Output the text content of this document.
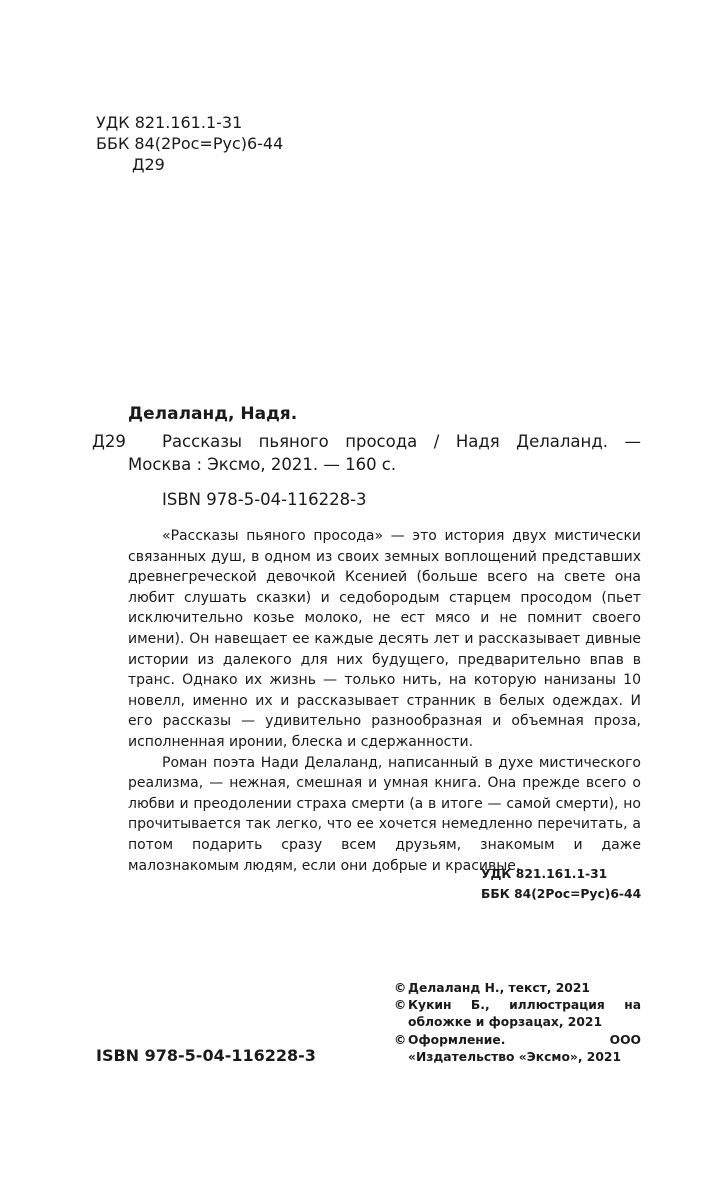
УДК 821.161.1-31
ББК 84(2Рос=Рус)6-44
Д29
Делаланд, Надя.
Д29	Рассказы пьяного просода / Надя Делаланд. —
Москва : Эксмо, 2021. — 160 с.
ISBN 978-5-04-116228-3

«Рассказы пьяного просода» — это история двух мистически связанных душ, в одном из своих земных воплощений представших древнегреческой девочкой Ксенией (больше всего на свете она любит слушать сказки) и седобородым старцем просодом (пьет исключительно козье молоко, не ест мясо и не помнит своего имени). Он навещает ее каждые десять лет и рассказывает дивные истории из далекого для них будущего, предварительно впав в транс. Однако их жизнь — только нить, на которую нанизаны 10 новелл, именно их и рассказывает странник в белых одеждах. И его рассказы — удивительно разнообразная и объемная проза, исполненная иронии, блеска и сдержанности.

Роман поэта Нади Делаланд, написанный в духе мистического реализма, — нежная, смешная и умная книга. Она прежде всего о любви и преодолении страха смерти (а в итоге — самой смерти), но прочитывается так легко, что ее хочется немедленно перечитать, а потом подарить сразу всем друзьям, знакомым и даже малознакомым людям, если они добрые и красивые.

УДК 821.161.1-31
ББК 84(2Рос=Рус)6-44
© Делаланд Н., текст, 2021
© Кукин Б., иллюстрация на обложке и форзацах, 2021
© Оформление. ООО «Издательство «Эксмо», 2021
ISBN 978-5-04-116228-3
